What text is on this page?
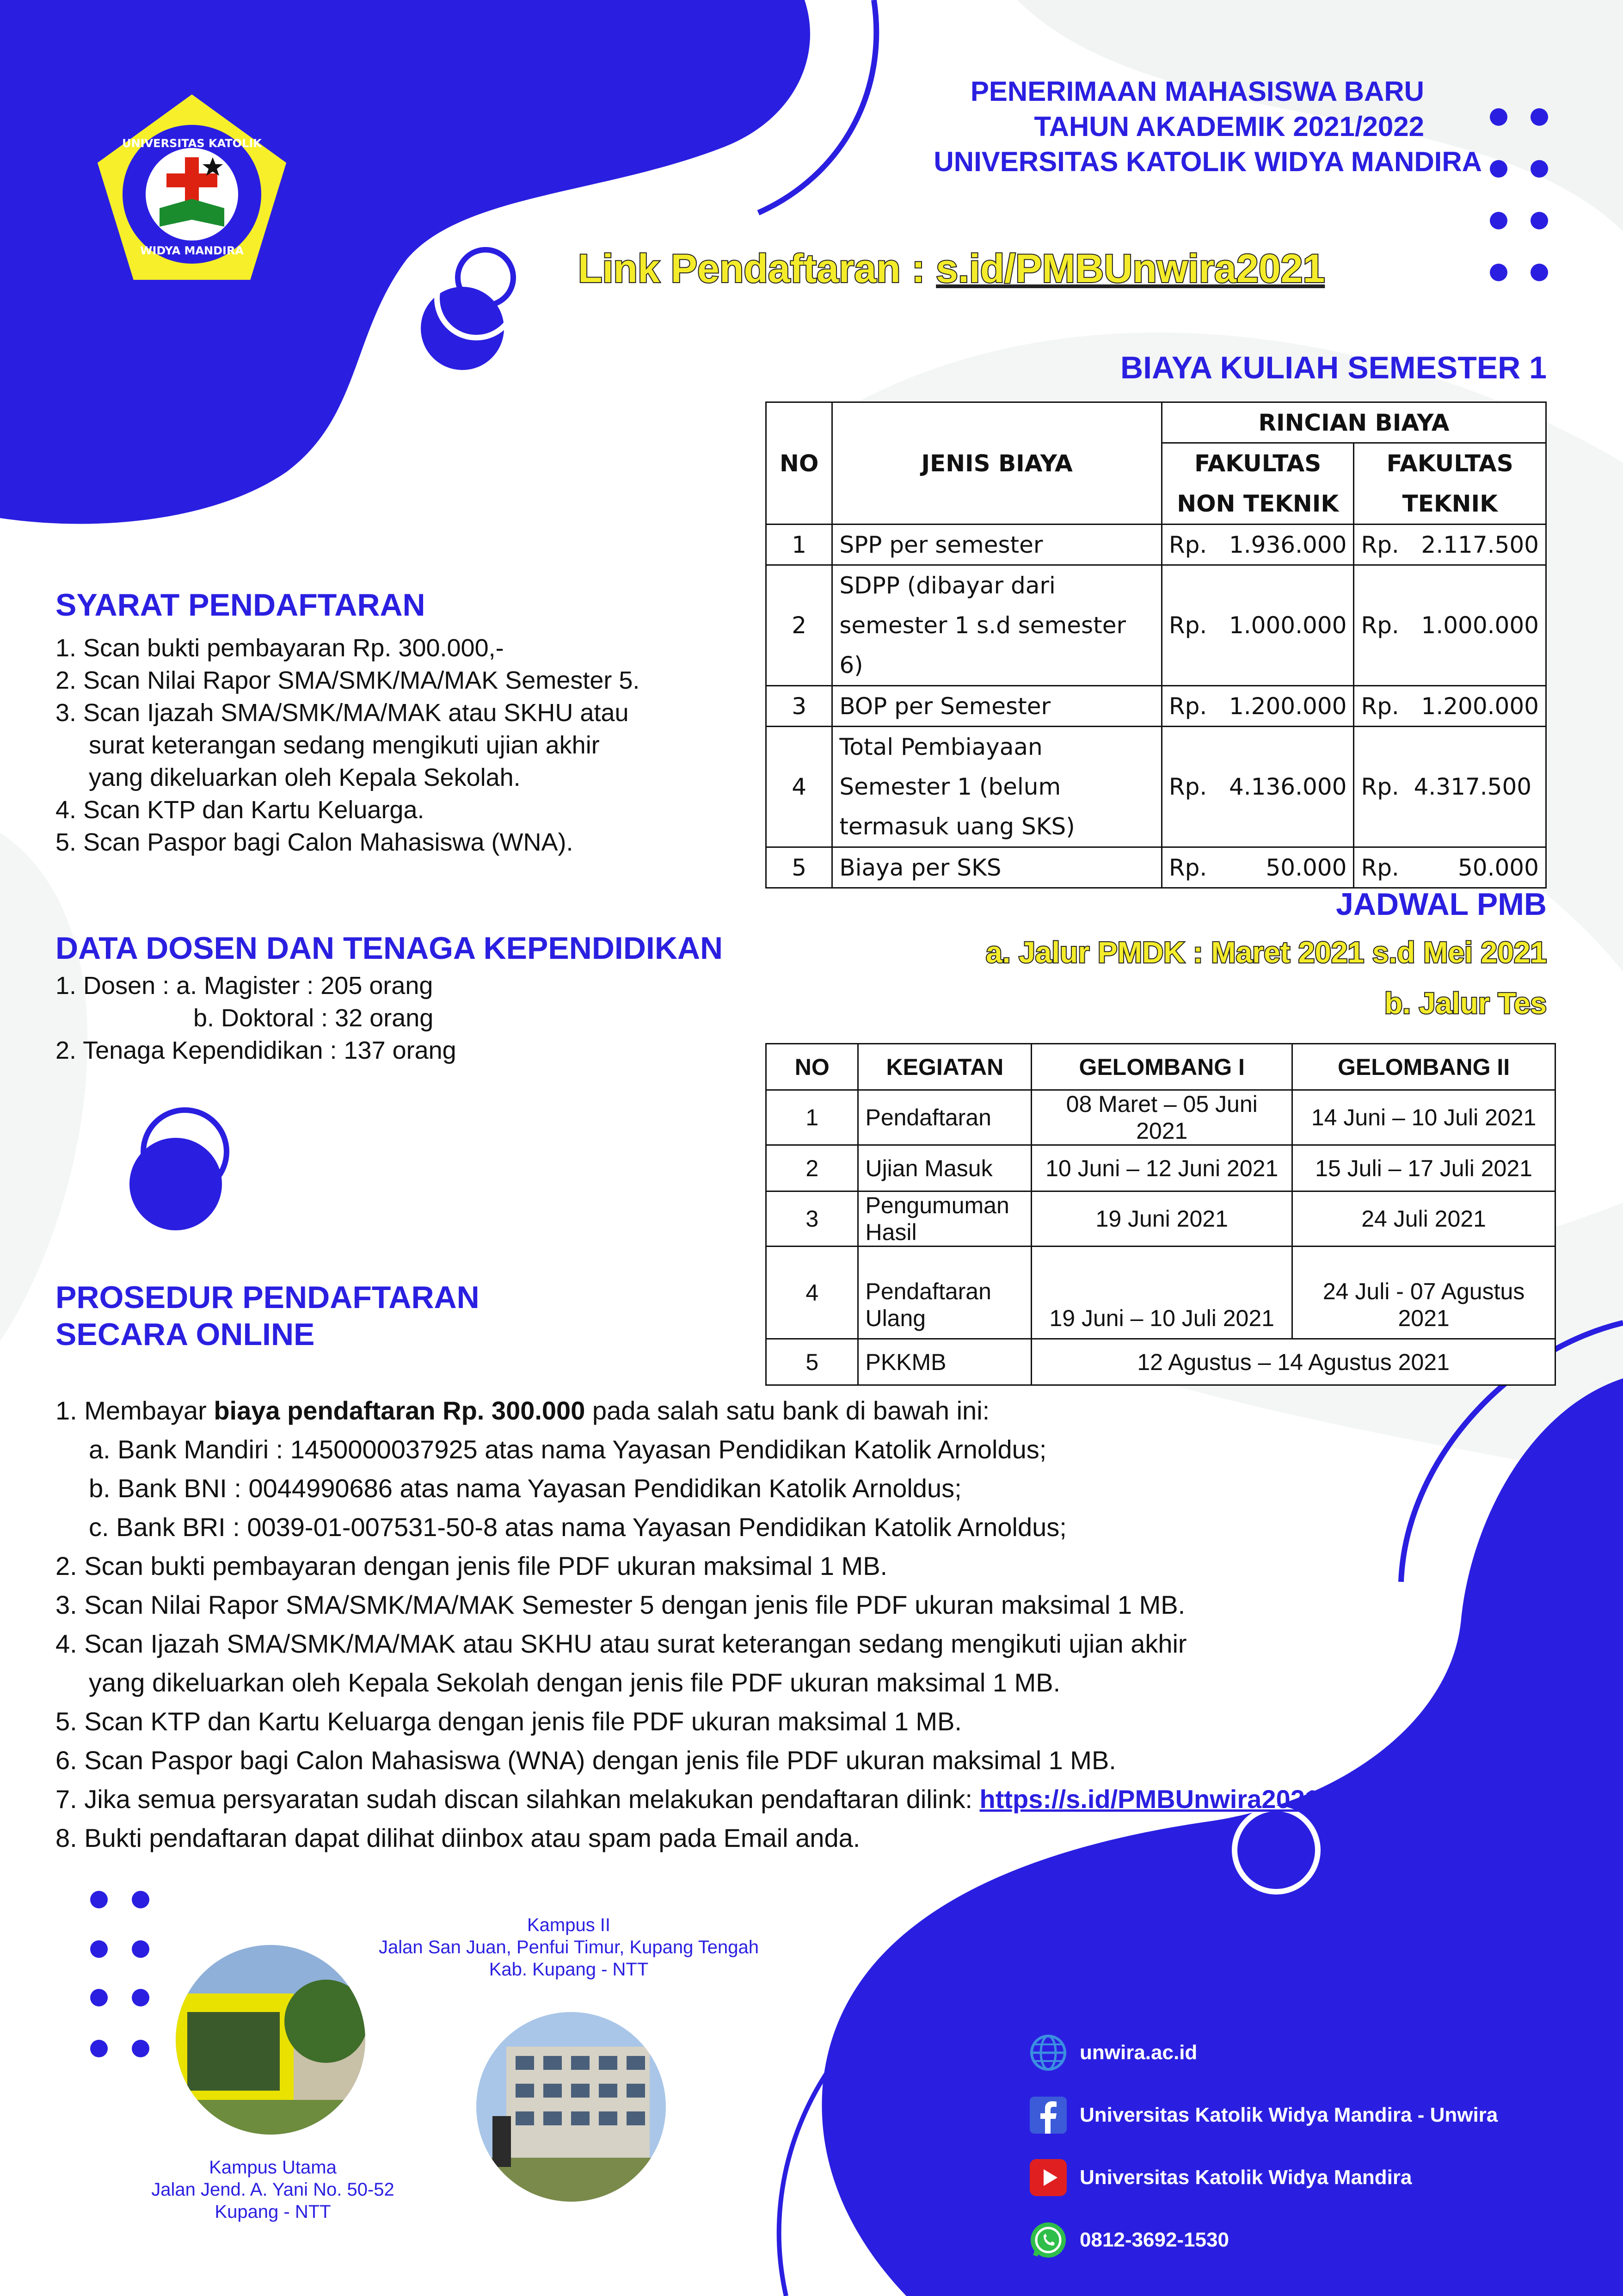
UNIVERSITAS KATOLIK
WIDYA MANDIRA
PENERIMAAN MAHASISWA BARU
TAHUN AKADEMIK 2021/2022
UNIVERSITAS KATOLIK WIDYA MANDIRA
Link Pendaftaran : s.id/PMBUnwira2021
BIAYA KULIAH SEMESTER 1
NO	JENIS BIAYA	RINCIAN BIAYA	
		FAKULTAS	FAKULTAS
		NON TEKNIK	TEKNIK
1	SPP per semester	Rp.   1.936.000	Rp.   2.117.500
2	SDPP (dibayar dari semester 1 s.d semester 6)	Rp.   1.000.000	Rp.   1.000.000
3	BOP per Semester	Rp.   1.200.000	Rp.   1.200.000
4	Total Pembiayaan Semester 1 (belum termasuk uang SKS)	Rp.   4.136.000	Rp.  4.317.500
5	Biaya per SKS	Rp.        50.000	Rp.        50.000
SYARAT PENDAFTARAN
1. Scan bukti pembayaran Rp. 300.000,-
2. Scan Nilai Rapor SMA/SMK/MA/MAK Semester 5.
3. Scan Ijazah SMA/SMK/MA/MAK atau SKHU atau
surat keterangan sedang mengikuti ujian akhir
yang dikeluarkan oleh Kepala Sekolah.
4. Scan KTP dan Kartu Keluarga.
5. Scan Paspor bagi Calon Mahasiswa (WNA).
DATA DOSEN DAN TENAGA KEPENDIDIKAN
1. Dosen : a. Magister : 205 orang
b. Doktoral : 32 orang
2. Tenaga Kependidikan : 137 orang
JADWAL PMB
a. Jalur PMDK : Maret 2021 s.d Mei 2021
b. Jalur Tes
NO	KEGIATAN	GELOMBANG I	GELOMBANG II
1	Pendaftaran	08 Maret – 05 Juni 2021	14 Juni – 10 Juli 2021
2	Ujian Masuk	10 Juni – 12 Juni 2021	15 Juli – 17 Juli 2021
3	Pengumuman Hasil	19 Juni 2021	24 Juli 2021
4	Pendaftaran Ulang	19 Juni – 10 Juli 2021	24 Juli - 07 Agustus 2021
5	PKKMB	12 Agustus – 14 Agustus 2021	
PROSEDUR PENDAFTARAN
SECARA ONLINE
1. Membayar biaya pendaftaran Rp. 300.000 pada salah satu bank di bawah ini:
a. Bank Mandiri : 1450000037925 atas nama Yayasan Pendidikan Katolik Arnoldus;
b. Bank BNI : 0044990686 atas nama Yayasan Pendidikan Katolik Arnoldus;
c. Bank BRI : 0039-01-007531-50-8 atas nama Yayasan Pendidikan Katolik Arnoldus;
2. Scan bukti pembayaran dengan jenis file PDF ukuran maksimal 1 MB.
3. Scan Nilai Rapor SMA/SMK/MA/MAK Semester 5 dengan jenis file PDF ukuran maksimal 1 MB.
4. Scan Ijazah SMA/SMK/MA/MAK atau SKHU atau surat keterangan sedang mengikuti ujian akhir
yang dikeluarkan oleh Kepala Sekolah dengan jenis file PDF ukuran maksimal 1 MB.
5. Scan KTP dan Kartu Keluarga dengan jenis file PDF ukuran maksimal 1 MB.
6. Scan Paspor bagi Calon Mahasiswa (WNA) dengan jenis file PDF ukuran maksimal 1 MB.
7. Jika semua persyaratan sudah discan silahkan melakukan pendaftaran dilink: https://s.id/PMBUnwira2021
8. Bukti pendaftaran dapat dilihat diinbox atau spam pada Email anda.
Kampus Utama
Jalan Jend. A. Yani No. 50-52
Kupang - NTT
Kampus II
Jalan San Juan, Penfui Timur, Kupang Tengah
Kab. Kupang - NTT
unwira.ac.id
Universitas Katolik Widya Mandira - Unwira
Universitas Katolik Widya Mandira
0812-3692-1530
